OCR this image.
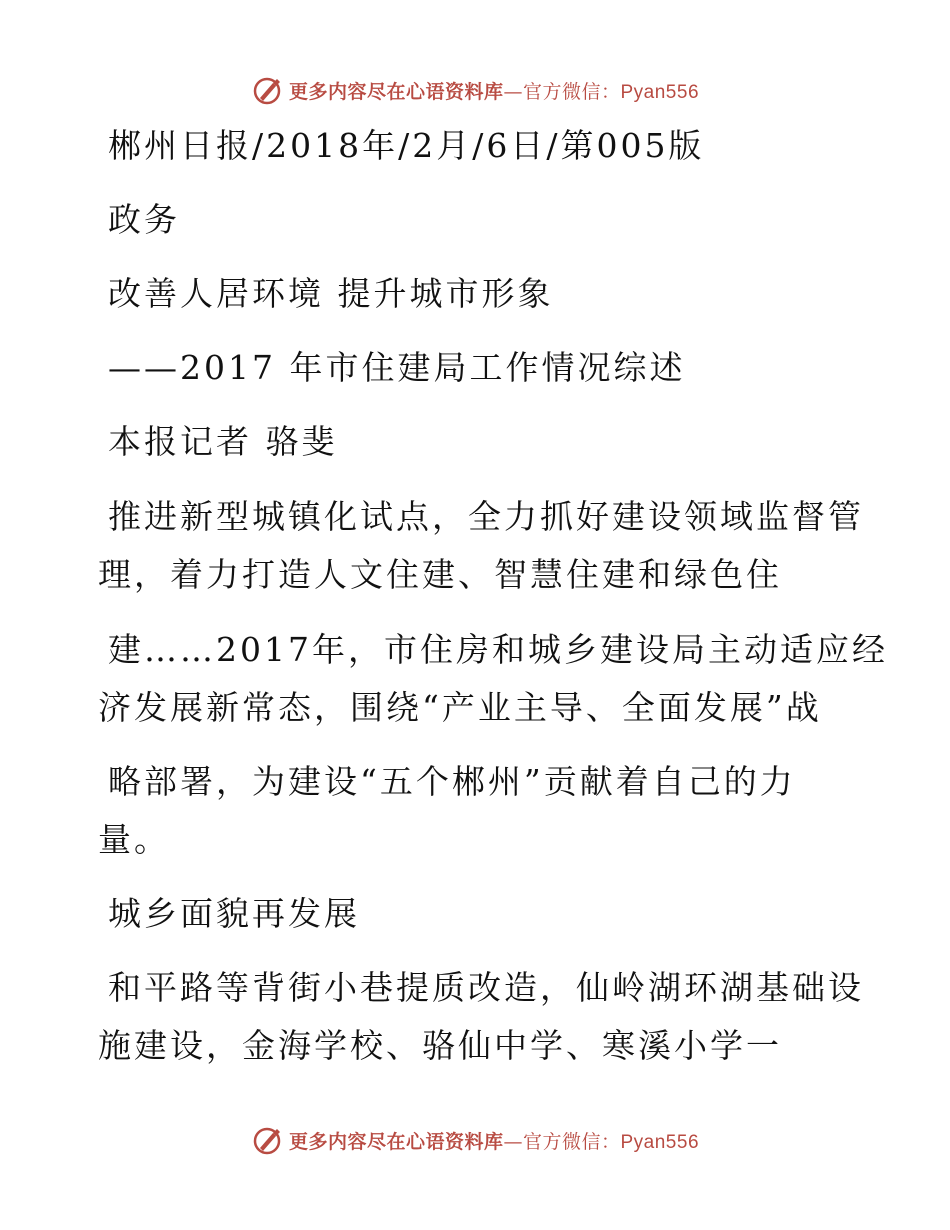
更多内容尽在心语资料库—官方微信：Pyan556
郴州日报/2018年/2月/6日/第005版
政务
改善人居环境 提升城市形象
——2017 年市住建局工作情况综述
本报记者 骆斐
推进新型城镇化试点，全力抓好建设领域监督管
理，着力打造人文住建、智慧住建和绿色住
建……2017年，市住房和城乡建设局主动适应经
济发展新常态，围绕“产业主导、全面发展”战
略部署，为建设“五个郴州”贡献着自己的力
量。
城乡面貌再发展
和平路等背街小巷提质改造，仙岭湖环湖基础设
施建设，金海学校、骆仙中学、寒溪小学一
更多内容尽在心语资料库—官方微信：Pyan556
